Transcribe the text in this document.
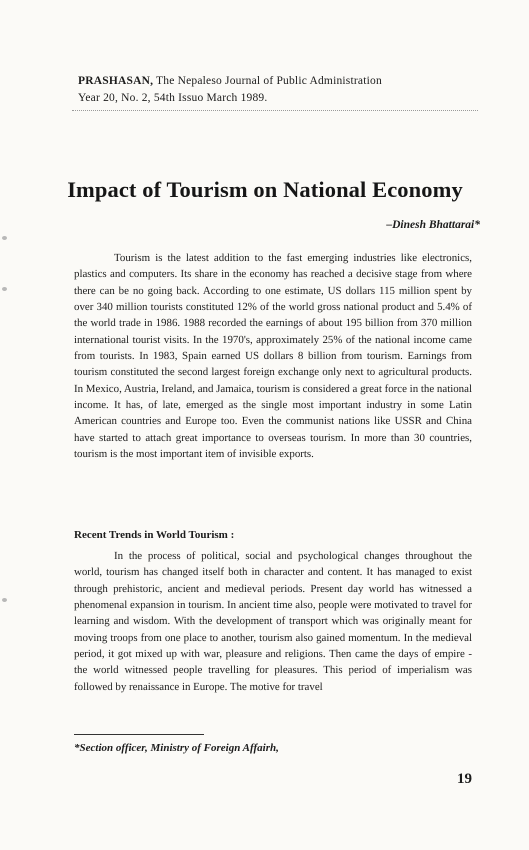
PRASHASAN, The Nepaleso Journal of Public Administration
Year 20, No. 2, 54th Issuo March 1989.
Impact of Tourism on National Economy
–Dinesh Bhattarai*

Tourism is the latest addition to the fast emerging industries like electronics, plastics and computers. Its share in the economy has reached a decisive stage from where there can be no going back. According to one estimate, US dollars 115 million spent by over 340 million tourists constituted 12% of the world gross national product and 5.4% of the world trade in 1986. 1988 recorded the earnings of about 195 billion from 370 million international tourist visits. In the 1970's, approximately 25% of the national income came from tourists. In 1983, Spain earned US dollars 8 billion from tourism. Earnings from tourism constituted the second largest foreign exchange only next to agricultural products. In Mexico, Austria, Ireland, and Jamaica, tourism is considered a great force in the national income. It has, of late, emerged as the single most important industry in some Latin American countries and Europe too. Even the communist nations like USSR and China have started to attach great importance to overseas tourism. In more than 30 countries, tourism is the most important item of invisible exports.

Recent Trends in World Tourism :

In the process of political, social and psychological changes throughout the world, tourism has changed itself both in character and content. It has managed to exist through prehistoric, ancient and medieval periods. Present day world has witnessed a phenomenal expansion in tourism. In ancient time also, people were motivated to travel for learning and wisdom. With the development of transport which was originally meant for moving troops from one place to another, tourism also gained momentum. In the medieval period, it got mixed up with war, pleasure and religions. Then came the days of empire - the world witnessed people travelling for pleasures. This period of imperialism was followed by renaissance in Europe. The motive for travel

*Section officer, Ministry of Foreign Affairh,
19
